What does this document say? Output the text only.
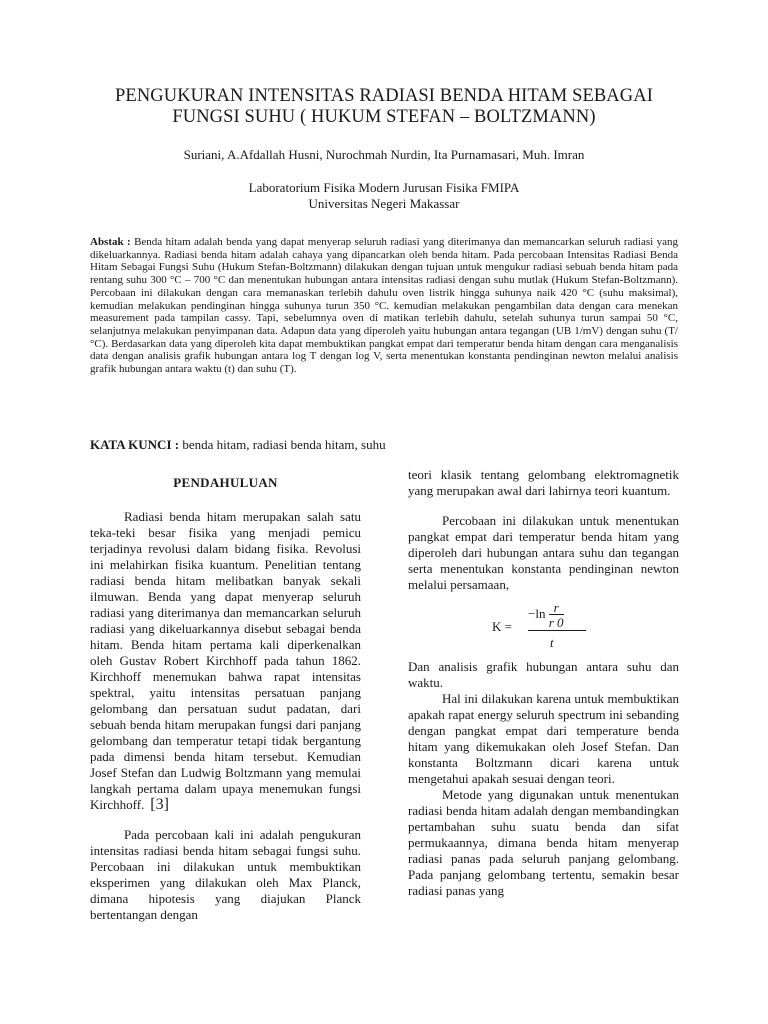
PENGUKURAN INTENSITAS RADIASI BENDA HITAM SEBAGAI
FUNGSI SUHU ( HUKUM STEFAN – BOLTZMANN)
Suriani, A.Afdallah Husni, Nurochmah Nurdin, Ita Purnamasari, Muh. Imran
Laboratorium Fisika Modern Jurusan Fisika FMIPA
Universitas Negeri Makassar
Abstak : Benda hitam adalah benda yang dapat menyerap seluruh radiasi yang diterimanya dan memancarkan seluruh radiasi yang dikeluarkannya. Radiasi benda hitam adalah cahaya yang dipancarkan oleh benda hitam. Pada percobaan Intensitas Radiasi Benda Hitam Sebagai Fungsi Suhu (Hukum Stefan-Boltzmann) dilakukan dengan tujuan untuk mengukur radiasi sebuah benda hitam pada rentang suhu 300 °C – 700 °C dan menentukan hubungan antara intensitas radiasi dengan suhu mutlak (Hukum Stefan-Boltzmann). Percobaan ini dilakukan dengan cara memanaskan terlebih dahulu oven listrik hingga suhunya naik 420 °C (suhu maksimal), kemudian melakukan pendinginan hingga suhunya turun 350 °C. kemudian melakukan pengambilan data dengan cara menekan measurement pada tampilan cassy. Tapi, sebelumnya oven di matikan terlebih dahulu, setelah suhunya turun sampai 50 °C, selanjutnya melakukan penyimpanan data. Adapun data yang diperoleh yaitu hubungan antara tegangan (UB 1/mV) dengan suhu (T/°C). Berdasarkan data yang diperoleh kita dapat membuktikan pangkat empat dari temperatur benda hitam dengan cara menganalisis data dengan analisis grafik hubungan antara log T dengan log V, serta menentukan konstanta pendinginan newton melalui analisis grafik hubungan antara waktu (t) dan suhu (T).
KATA KUNCI : benda hitam, radiasi benda hitam, suhu
PENDAHULUAN

Radiasi benda hitam merupakan salah satu teka-teki besar fisika yang menjadi pemicu terjadinya revolusi dalam bidang fisika. Revolusi ini melahirkan fisika kuantum. Penelitian tentang radiasi benda hitam melibatkan banyak sekali ilmuwan. Benda yang dapat menyerap seluruh radiasi yang diterimanya dan memancarkan seluruh radiasi yang dikeluarkannya disebut sebagai benda hitam. Benda hitam pertama kali diperkenalkan oleh Gustav Robert Kirchhoff pada tahun 1862. Kirchhoff menemukan bahwa rapat intensitas spektral, yaitu intensitas persatuan panjang gelombang dan persatuan sudut padatan, dari sebuah benda hitam merupakan fungsi dari panjang gelombang dan temperatur tetapi tidak bergantung pada dimensi benda hitam tersebut. Kemudian Josef Stefan dan Ludwig Boltzmann yang memulai langkah pertama dalam upaya menemukan fungsi Kirchhoff. [3]

Pada percobaan kali ini adalah pengukuran intensitas radiasi benda hitam sebagai fungsi suhu. Percobaan ini dilakukan untuk membuktikan eksperimen yang dilakukan oleh Max Planck, dimana hipotesis yang diajukan Planck bertentangan dengan

teori klasik tentang gelombang elektromagnetik yang merupakan awal dari lahirnya teori kuantum.

Percobaan ini dilakukan untuk menentukan pangkat empat dari temperatur benda hitam yang diperoleh dari hubungan antara suhu dan tegangan serta menentukan konstanta pendinginan newton melalui persamaan,

K =
$-\ln \frac{r}{r 0}$
t

Dan analisis grafik hubungan antara suhu dan waktu.

Hal ini dilakukan karena untuk membuktikan apakah rapat energy seluruh spectrum ini sebanding dengan pangkat empat dari temperature benda hitam yang dikemukakan oleh Josef Stefan. Dan konstanta Boltzmann dicari karena untuk mengetahui apakah sesuai dengan teori.

Metode yang digunakan untuk menentukan radiasi benda hitam adalah dengan membandingkan pertambahan suhu suatu benda dan sifat permukaannya, dimana benda hitam menyerap radiasi panas pada seluruh panjang gelombang. Pada panjang gelombang tertentu, semakin besar radiasi panas yang
